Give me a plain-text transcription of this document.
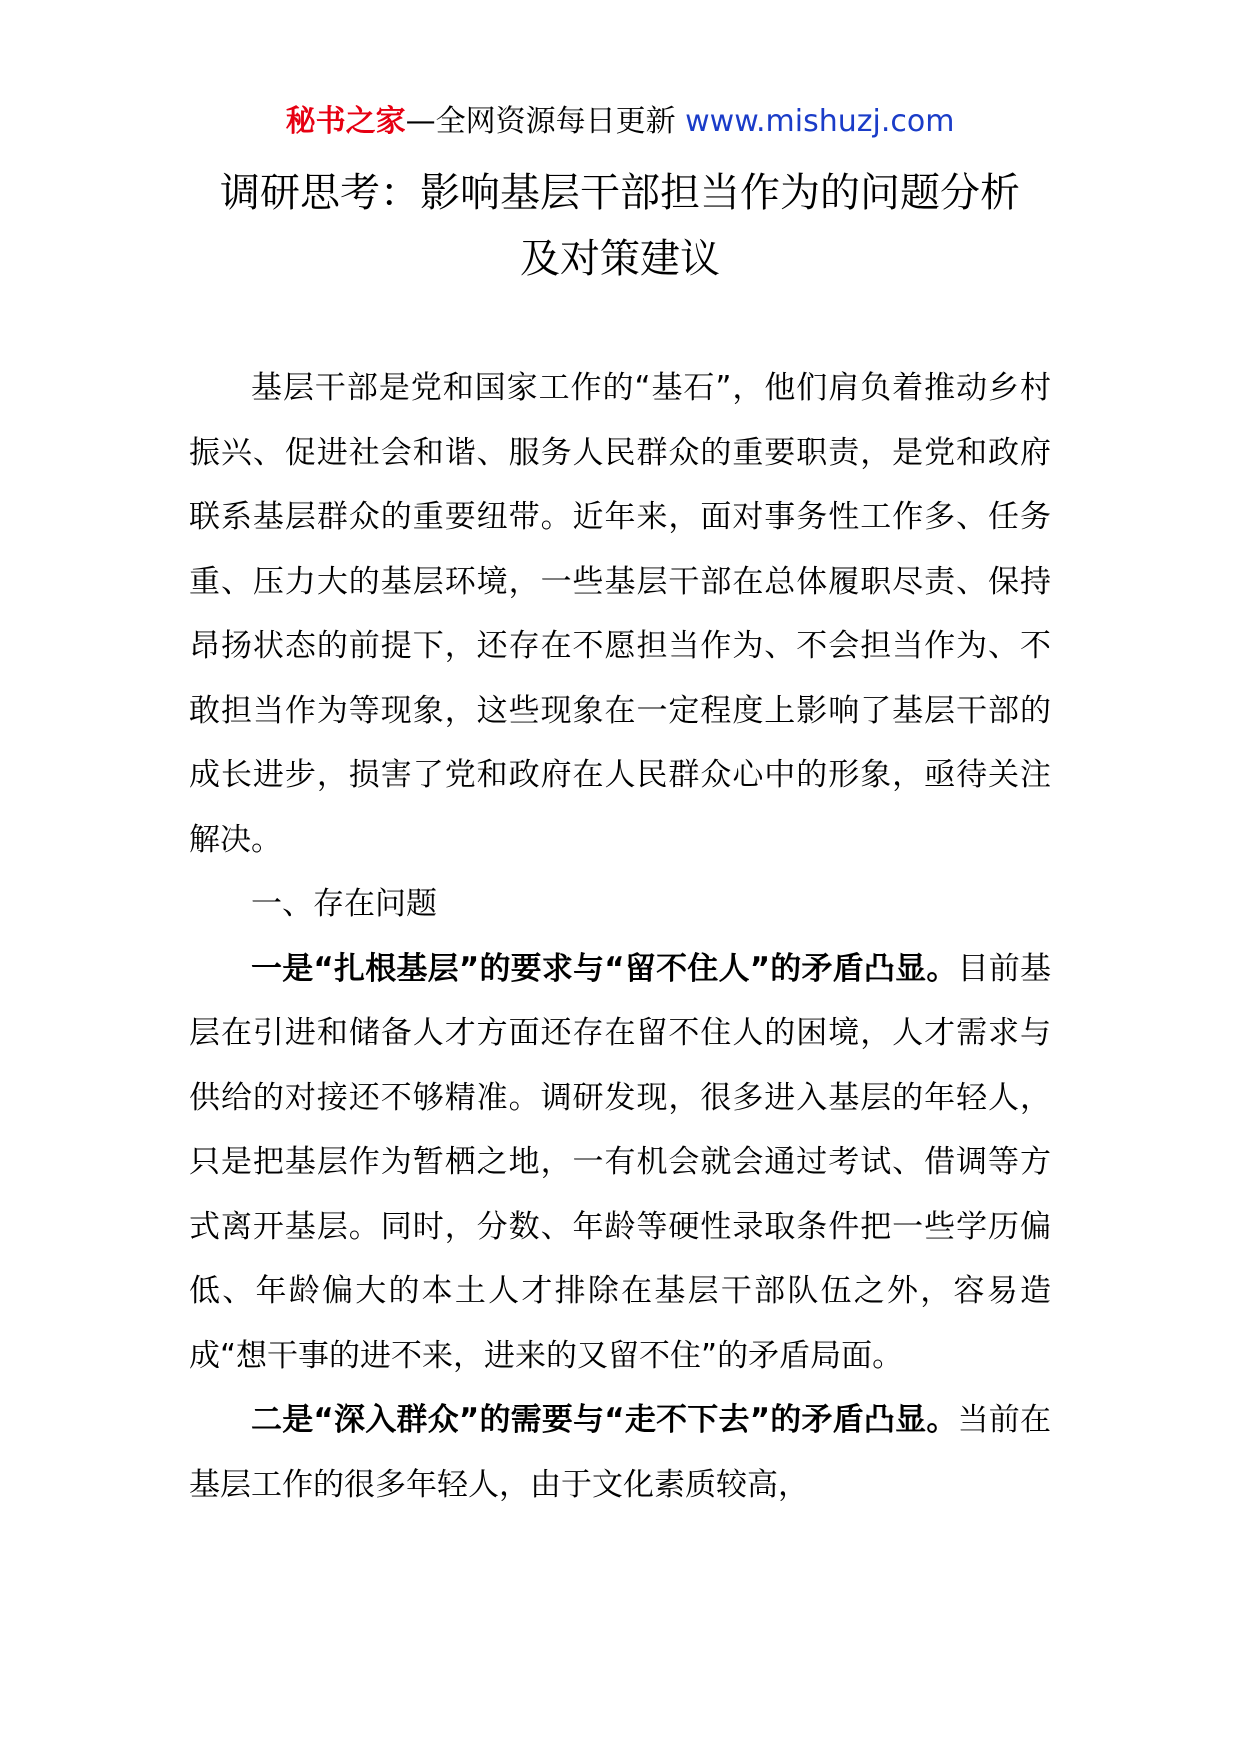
秘书之家—全网资源每日更新 www.mishuzj.com
调研思考：影响基层干部担当作为的问题分析
及对策建议

基层干部是党和国家工作的“基石”，他们肩负着推动乡村振兴、促进社会和谐、服务人民群众的重要职责，是党和政府联系基层群众的重要纽带。近年来，面对事务性工作多、任务重、压力大的基层环境，一些基层干部在总体履职尽责、保持昂扬状态的前提下，还存在不愿担当作为、不会担当作为、不敢担当作为等现象，这些现象在一定程度上影响了基层干部的成长进步，损害了党和政府在人民群众心中的形象，亟待关注解决。

一、存在问题

一是“扎根基层”的要求与“留不住人”的矛盾凸显。目前基层在引进和储备人才方面还存在留不住人的困境，人才需求与供给的对接还不够精准。调研发现，很多进入基层的年轻人，只是把基层作为暂栖之地，一有机会就会通过考试、借调等方式离开基层。同时，分数、年龄等硬性录取条件把一些学历偏低、年龄偏大的本土人才排除在基层干部队伍之外，容易造成“想干事的进不来，进来的又留不住”的矛盾局面。

二是“深入群众”的需要与“走不下去”的矛盾凸显。当前在基层工作的很多年轻人，由于文化素质较高，
